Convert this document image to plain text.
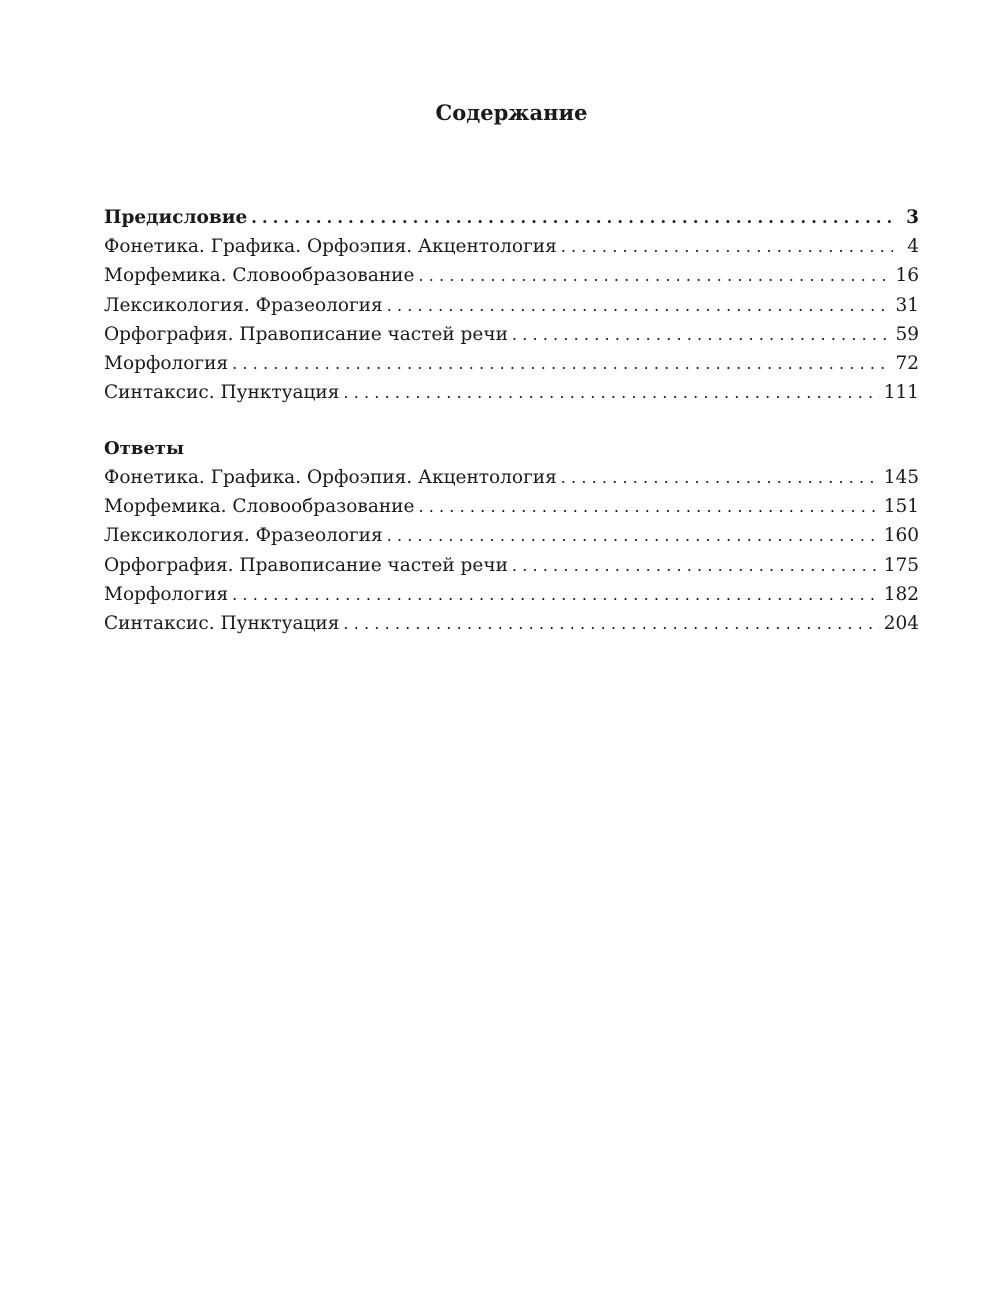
Содержание
Предисловие .....	3
Фонетика. Графика. Орфоэпия. Акцентология .....	4
Морфемика. Словообразование .....	16
Лексикология. Фразеология .....	31
Орфография. Правописание частей речи .....	59
Морфология .....	72
Синтаксис. Пунктуация .....	111
Ответы
Фонетика. Графика. Орфоэпия. Акцентология .....	145
Морфемика. Словообразование .....	151
Лексикология. Фразеология .....	160
Орфография. Правописание частей речи .....	175
Морфология .....	182
Синтаксис. Пунктуация .....	204
